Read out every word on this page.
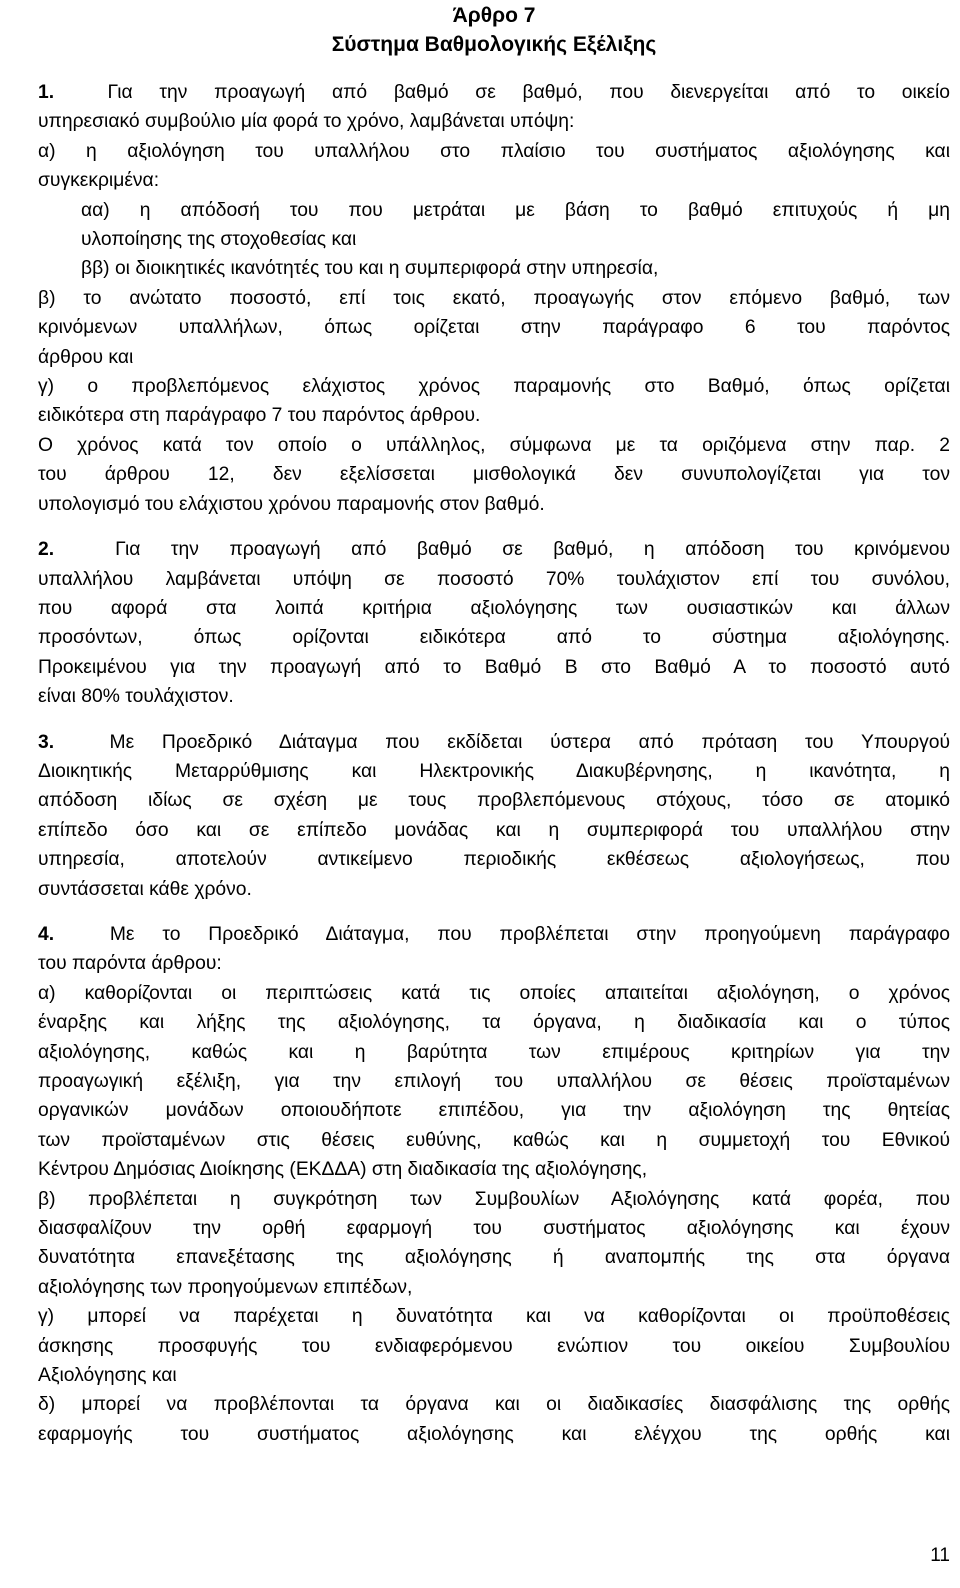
Άρθρο 7

Σύστημα Βαθμολογικής Εξέλιξης

1.	Για την προαγωγή από βαθμό σε βαθμό, που διενεργείται από το οικείο
υπηρεσιακό συμβούλιο μία φορά το χρόνο, λαμβάνεται υπόψη:
α) η αξιολόγηση του υπαλλήλου στο πλαίσιο του συστήματος αξιολόγησης και
συγκεκριμένα:
αα) η απόδοσή του που μετράται με βάση το βαθμό επιτυχούς ή μη
υλοποίησης της στοχοθεσίας και
ββ) οι διοικητικές ικανότητές του και η συμπεριφορά στην υπηρεσία,
β) το ανώτατο ποσοστό, επί τοις εκατό, προαγωγής στον επόμενο βαθμό, των
κρινόμενων υπαλλήλων, όπως ορίζεται στην παράγραφο 6 του παρόντος
άρθρου και
γ) ο προβλεπόμενος ελάχιστος χρόνος παραμονής στο Βαθμό, όπως ορίζεται
ειδικότερα στη παράγραφο 7 του παρόντος άρθρου.
Ο χρόνος κατά τον οποίο ο υπάλληλος, σύμφωνα με τα οριζόμενα στην παρ. 2
του άρθρου 12, δεν εξελίσσεται μισθολογικά δεν συνυπολογίζεται για τον
υπολογισμό του ελάχιστου χρόνου παραμονής στον βαθμό.
2.	Για την προαγωγή από βαθμό σε βαθμό, η απόδοση του κρινόμενου
υπαλλήλου λαμβάνεται υπόψη σε ποσοστό 70% τουλάχιστον επί του συνόλου,
που αφορά στα λοιπά κριτήρια αξιολόγησης των ουσιαστικών και άλλων
προσόντων, όπως ορίζονται ειδικότερα από το σύστημα αξιολόγησης.
Προκειμένου για την προαγωγή από το Βαθμό Β στο Βαθμό Α το ποσοστό αυτό
είναι 80% τουλάχιστον.
3.	Με Προεδρικό Διάταγμα που εκδίδεται ύστερα από πρόταση του Υπουργού
Διοικητικής Μεταρρύθμισης και Ηλεκτρονικής Διακυβέρνησης, η ικανότητα, η
απόδοση ιδίως σε σχέση με τους προβλεπόμενους στόχους, τόσο σε ατομικό
επίπεδο όσο και σε επίπεδο μονάδας και η συμπεριφορά του υπαλλήλου στην
υπηρεσία, αποτελούν αντικείμενο περιοδικής εκθέσεως αξιολογήσεως, που
συντάσσεται κάθε χρόνο.
4.	Με το Προεδρικό Διάταγμα, που προβλέπεται στην προηγούμενη παράγραφο
του παρόντα άρθρου:
α) καθορίζονται οι περιπτώσεις κατά τις οποίες απαιτείται αξιολόγηση, ο χρόνος
έναρξης και λήξης της αξιολόγησης, τα όργανα, η διαδικασία και ο τύπος
αξιολόγησης, καθώς και η βαρύτητα των επιμέρους κριτηρίων για την
προαγωγική εξέλιξη, για την επιλογή του υπαλλήλου σε θέσεις προϊσταμένων
οργανικών μονάδων οποιουδήποτε επιπέδου, για την αξιολόγηση της θητείας
των προϊσταμένων στις θέσεις ευθύνης, καθώς και η συμμετοχή του Εθνικού
Κέντρου Δημόσιας Διοίκησης (ΕΚΔΔΑ) στη διαδικασία της αξιολόγησης,
β) προβλέπεται η συγκρότηση των Συμβουλίων Αξιολόγησης κατά φορέα, που
διασφαλίζουν την ορθή εφαρμογή του συστήματος αξιολόγησης και έχουν
δυνατότητα επανεξέτασης της αξιολόγησης ή αναπομπής της στα όργανα
αξιολόγησης των προηγούμενων επιπέδων,
γ) μπορεί να παρέχεται η δυνατότητα και να καθορίζονται οι προϋποθέσεις
άσκησης προσφυγής του ενδιαφερόμενου ενώπιον του οικείου Συμβουλίου
Αξιολόγησης και
δ) μπορεί να προβλέπονται τα όργανα και οι διαδικασίες διασφάλισης της ορθής
εφαρμογής του συστήματος αξιολόγησης και ελέγχου της ορθής και
11
